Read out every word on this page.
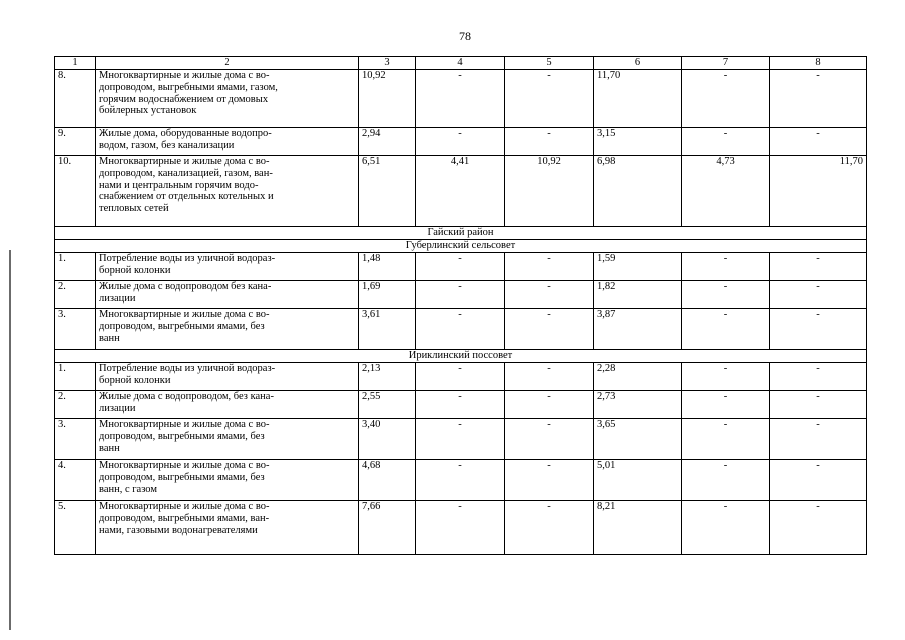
78
1	2	3	4	5	6	7	8
8.	Многоквартирные и жилые дома с во-
допроводом, выгребными ямами, газом,
горячим водоснабжением от домовых
бойлерных установок	10,92	-	-	11,70	-	-
9.	Жилые дома, оборудованные водопро-
водом, газом, без канализации	2,94	-	-	3,15	-	-
10.	Многоквартирные и жилые дома с во-
допроводом, канализацией, газом, ван-
нами и центральным горячим водо-
снабжением от отдельных котельных и
тепловых сетей	6,51	4,41	10,92	6,98	4,73	11,70
Гайский район							
Губерлинский сельсовет							
1.	Потребление воды из уличной водораз-
борной колонки	1,48	-	-	1,59	-	-
2.	Жилые дома с водопроводом без кана-
лизации	1,69	-	-	1,82	-	-
3.	Многоквартирные и жилые дома с во-
допроводом, выгребными ямами, без
ванн	3,61	-	-	3,87	-	-
Ириклинский поссовет							
1.	Потребление воды из уличной водораз-
борной колонки	2,13	-	-	2,28	-	-
2.	Жилые дома с водопроводом, без кана-
лизации	2,55	-	-	2,73	-	-
3.	Многоквартирные и жилые дома с во-
допроводом, выгребными ямами, без
ванн	3,40	-	-	3,65	-	-
4.	Многоквартирные и жилые дома с во-
допроводом, выгребными ямами, без
ванн, с газом	4,68	-	-	5,01	-	-
5.	Многоквартирные и жилые дома с во-
допроводом, выгребными ямами, ван-
нами, газовыми водонагревателями	7,66	-	-	8,21	-	-
